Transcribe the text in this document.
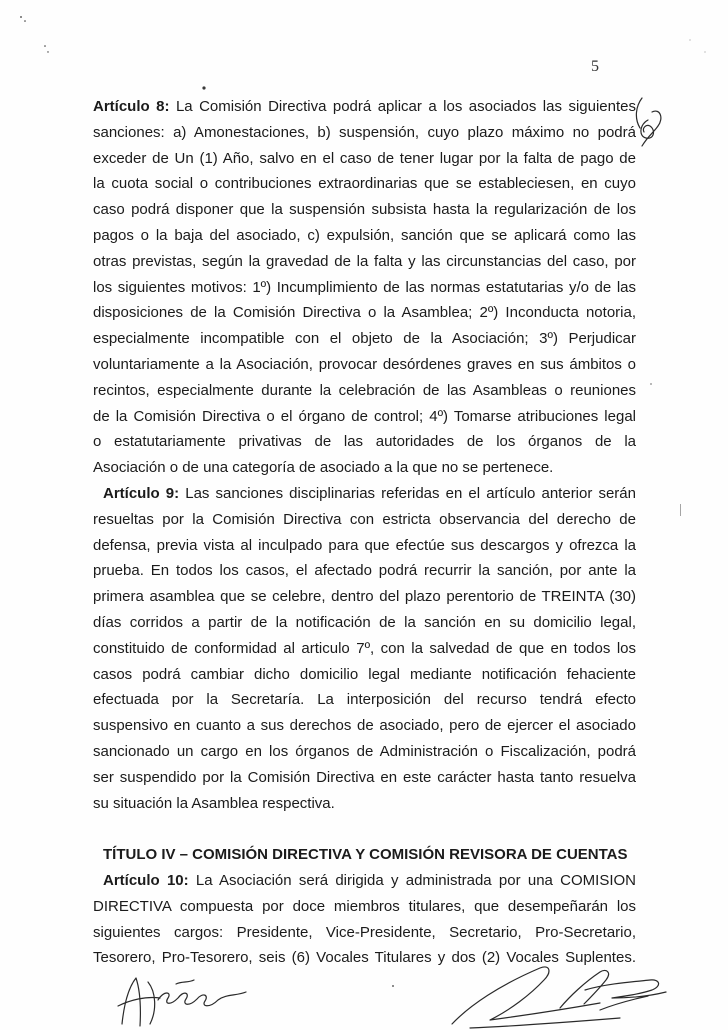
5
Artículo 8: La Comisión Directiva podrá aplicar a los asociados las siguientes
sanciones: a) Amonestaciones, b) suspensión, cuyo plazo máximo no podrá
exceder de Un (1) Año, salvo en el caso de tener lugar por la falta de pago de
la cuota social o contribuciones extraordinarias que se estableciesen, en cuyo
caso podrá disponer que la suspensión subsista hasta la regularización de los
pagos o la baja del asociado, c) expulsión, sanción que se aplicará como las
otras previstas, según la gravedad de la falta y las circunstancias del caso, por
los siguientes motivos: 1º) Incumplimiento de las normas estatutarias y/o de las
disposiciones de la Comisión Directiva o la Asamblea; 2º) Inconducta notoria,
especialmente incompatible con el objeto de la Asociación; 3º) Perjudicar
voluntariamente a la Asociación, provocar desórdenes graves en sus ámbitos o
recintos, especialmente durante la celebración de las Asambleas o reuniones
de la Comisión Directiva o el órgano de control; 4º) Tomarse atribuciones legal
o estatutariamente privativas de las autoridades de los órganos de la
Asociación o de una categoría de asociado a la que no se pertenece.
Artículo 9: Las sanciones disciplinarias referidas en el artículo anterior serán
resueltas por la Comisión Directiva con estricta observancia del derecho de
defensa, previa vista al inculpado para que efectúe sus descargos y ofrezca la
prueba. En todos los casos, el afectado podrá recurrir la sanción, por ante la
primera asamblea que se celebre, dentro del plazo perentorio de TREINTA (30)
días corridos a partir de la notificación de la sanción en su domicilio legal,
constituido de conformidad al articulo 7º, con la salvedad de que en todos los
casos podrá cambiar dicho domicilio legal mediante notificación fehaciente
efectuada por la Secretaría. La interposición del recurso tendrá efecto
suspensivo en cuanto a sus derechos de asociado, pero de ejercer el asociado
sancionado un cargo en los órganos de Administración o Fiscalización, podrá
ser suspendido por la Comisión Directiva en este carácter hasta tanto resuelva
su situación la Asamblea respectiva.
TÍTULO IV – COMISIÓN DIRECTIVA Y COMISIÓN REVISORA DE CUENTAS
Artículo 10: La Asociación será dirigida y administrada por una COMISION
DIRECTIVA compuesta por doce miembros titulares, que desempeñarán los
siguientes cargos: Presidente, Vice-Presidente, Secretario, Pro-Secretario,
Tesorero, Pro-Tesorero, seis (6) Vocales Titulares y dos (2) Vocales Suplentes.
